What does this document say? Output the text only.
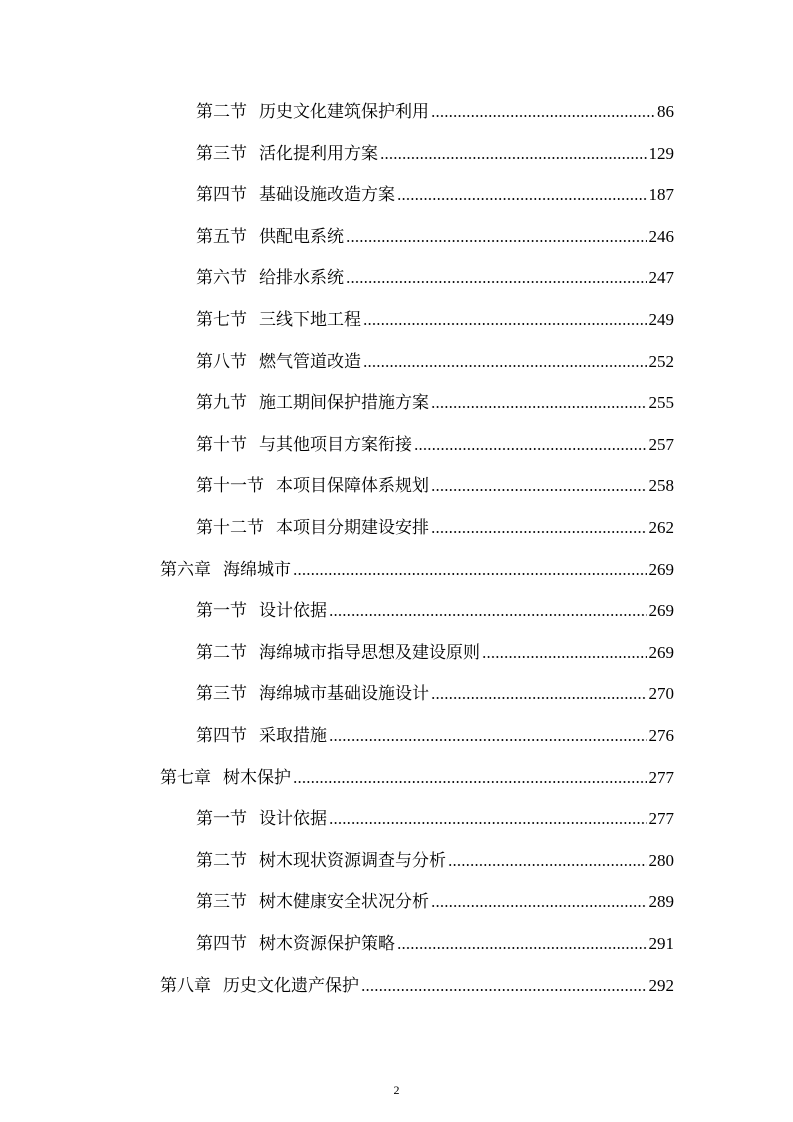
第二节 历史文化建筑保护利用	86
第三节 活化提利用方案	129
第四节 基础设施改造方案	187
第五节 供配电系统	246
第六节 给排水系统	247
第七节 三线下地工程	249
第八节 燃气管道改造	252
第九节 施工期间保护措施方案	255
第十节 与其他项目方案衔接	257
第十一节 本项目保障体系规划	258
第十二节 本项目分期建设安排	262
第六章 海绵城市	269
第一节 设计依据	269
第二节 海绵城市指导思想及建设原则	269
第三节 海绵城市基础设施设计	270
第四节 采取措施	276
第七章 树木保护	277
第一节 设计依据	277
第二节 树木现状资源调查与分析	280
第三节 树木健康安全状况分析	289
第四节 树木资源保护策略	291
第八章 历史文化遗产保护	292
2
